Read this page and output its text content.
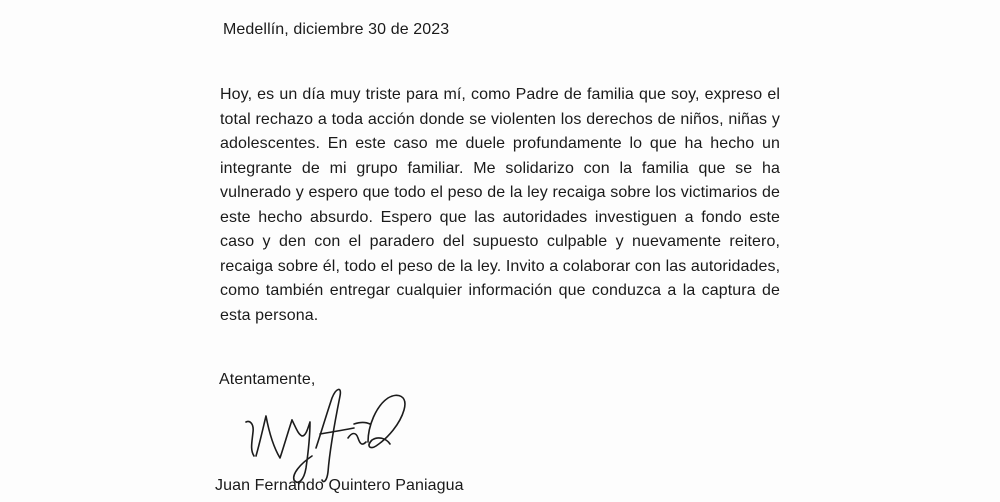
Medellín, diciembre 30 de 2023
Hoy, es un día muy triste para mí, como Padre de familia que soy, expreso el
total rechazo a toda acción donde se violenten los derechos de niños, niñas y
adolescentes. En este caso me duele profundamente lo que ha hecho un
integrante de mi grupo familiar. Me solidarizo con la familia que se ha
vulnerado y espero que todo el peso de la ley recaiga sobre los victimarios de
este hecho absurdo. Espero que las autoridades investiguen a fondo este
caso y den con el paradero del supuesto culpable y nuevamente reitero,
recaiga sobre él, todo el peso de la ley. Invito a colaborar con las autoridades,
como también entregar cualquier información que conduzca a la captura de
esta persona.
Atentamente,
Juan Fernando Quintero Paniagua
